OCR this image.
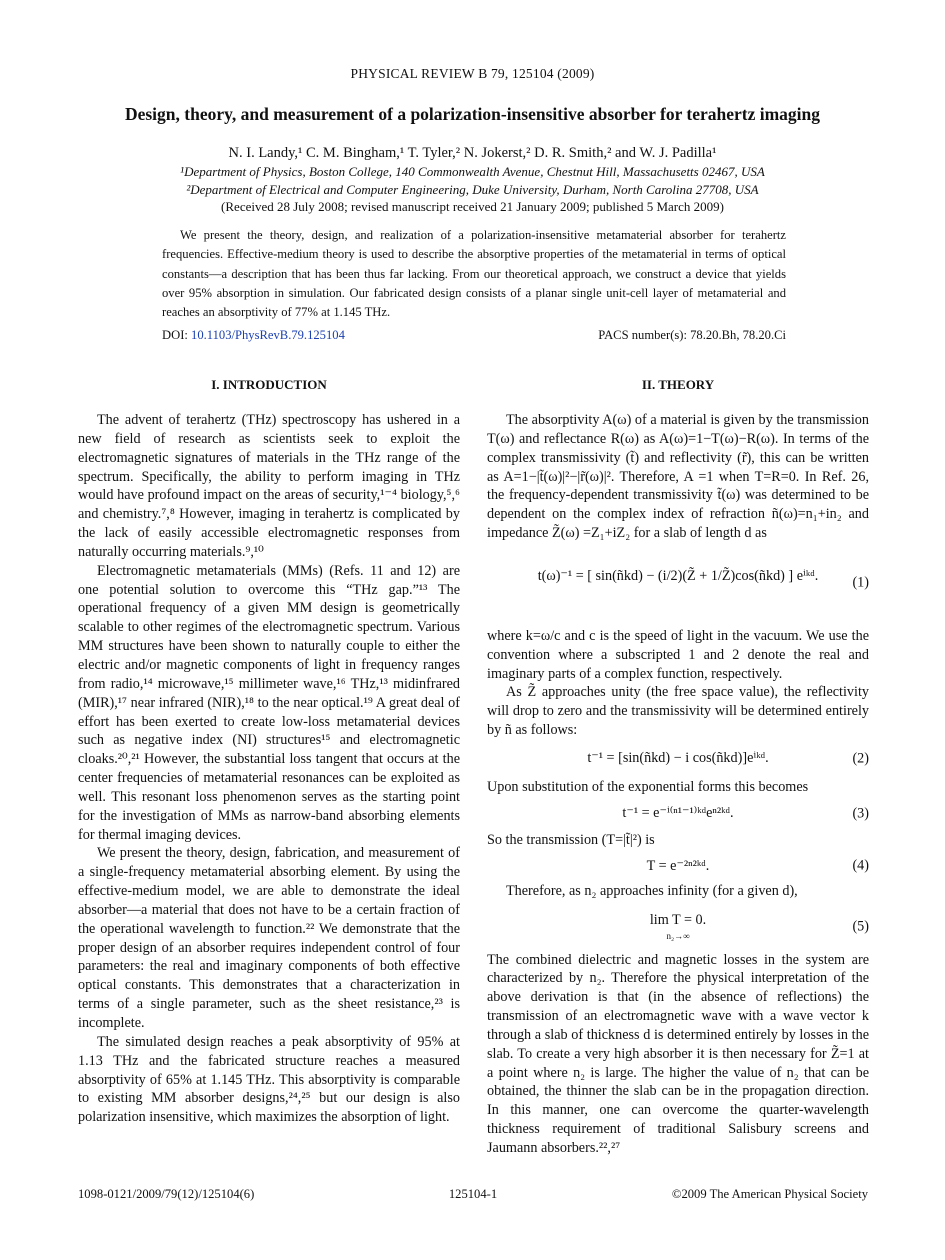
PHYSICAL REVIEW B 79, 125104 (2009)
Design, theory, and measurement of a polarization-insensitive absorber for terahertz imaging
N. I. Landy,¹ C. M. Bingham,¹ T. Tyler,² N. Jokerst,² D. R. Smith,² and W. J. Padilla¹
¹Department of Physics, Boston College, 140 Commonwealth Avenue, Chestnut Hill, Massachusetts 02467, USA
²Department of Electrical and Computer Engineering, Duke University, Durham, North Carolina 27708, USA
(Received 28 July 2008; revised manuscript received 21 January 2009; published 5 March 2009)
We present the theory, design, and realization of a polarization-insensitive metamaterial absorber for terahertz frequencies. Effective-medium theory is used to describe the absorptive properties of the metamaterial in terms of optical constants—a description that has been thus far lacking. From our theoretical approach, we construct a device that yields over 95% absorption in simulation. Our fabricated design consists of a planar single unit-cell layer of metamaterial and reaches an absorptivity of 77% at 1.145 THz.
DOI: 10.1103/PhysRevB.79.125104	PACS number(s): 78.20.Bh, 78.20.Ci
I. INTRODUCTION

The advent of terahertz (THz) spectroscopy has ushered in a new field of research as scientists seek to exploit the electromagnetic signatures of materials in the THz range of the spectrum. Specifically, the ability to perform imaging in THz would have profound impact on the areas of security,¹⁻⁴ biology,⁵,⁶ and chemistry.⁷,⁸ However, imaging in terahertz is complicated by the lack of easily accessible electromagnetic responses from naturally occurring materials.⁹,¹⁰

Electromagnetic metamaterials (MMs) (Refs. 11 and 12) are one potential solution to overcome this “THz gap.”¹³ The operational frequency of a given MM design is geometrically scalable to other regimes of the electromagnetic spectrum. Various MM structures have been shown to naturally couple to either the electric and/or magnetic components of light in frequency ranges from radio,¹⁴ microwave,¹⁵ millimeter wave,¹⁶ THz,¹³ midinfrared (MIR),¹⁷ near infrared (NIR),¹⁸ to the near optical.¹⁹ A great deal of effort has been exerted to create low-loss metamaterial devices such as negative index (NI) structures¹⁵ and electromagnetic cloaks.²⁰,²¹ However, the substantial loss tangent that occurs at the center frequencies of metamaterial resonances can be exploited as well. This resonant loss phenomenon serves as the starting point for the investigation of MMs as narrow-band absorbing elements for thermal imaging devices.

We present the theory, design, fabrication, and measurement of a single-frequency metamaterial absorbing element. By using the effective-medium model, we are able to demonstrate the ideal absorber—a material that does not have to be a certain fraction of the operational wavelength to function.²² We demonstrate that the proper design of an absorber requires independent control of four parameters: the real and imaginary components of both effective optical constants. This demonstrates that a characterization in terms of a single parameter, such as the sheet resistance,²³ is incomplete.

The simulated design reaches a peak absorptivity of 95% at 1.13 THz and the fabricated structure reaches a measured absorptivity of 65% at 1.145 THz. This absorptivity is comparable to existing MM absorber designs,²⁴,²⁵ but our design is also polarization insensitive, which maximizes the absorption of light.

II. THEORY

The absorptivity A(ω) of a material is given by the transmission T(ω) and reflectance R(ω) as A(ω)=1−T(ω)−R(ω). In terms of the complex transmissivity (t̃) and reflectivity (r̃), this can be written as A=1−|t̃(ω)|²−|r̃(ω)|². Therefore, A =1 when T=R=0. In Ref. 26, the frequency-dependent transmissivity t̃(ω) was determined to be dependent on the complex index of refraction ñ(ω)=n₁+in₂ and impedance Z̃(ω) =Z₁+iZ₂ for a slab of length d as

t(ω)⁻¹ = [ sin(ñkd) − (i/2)(Z̃ + 1/Z̃)cos(ñkd) ] eⁱᵏᵈ. (1)

where k=ω/c and c is the speed of light in the vacuum. We use the convention where a subscripted 1 and 2 denote the real and imaginary parts of a complex function, respectively.

As Z̃ approaches unity (the free space value), the reflectivity will drop to zero and the transmissivity will be determined entirely by ñ as follows:

t⁻¹ = [sin(ñkd) − i cos(ñkd)]eⁱᵏᵈ.	(2)

Upon substitution of the exponential forms this becomes

t⁻¹ = e⁻ⁱ⁽ⁿ¹⁻¹⁾ᵏᵈeⁿ²ᵏᵈ.	(3)

So the transmission (T=|t̃|²) is

T = e⁻²ⁿ²ᵏᵈ.	(4)

Therefore, as n₂ approaches infinity (for a given d),

lim T = 0.
n₂→∞
(5)

The combined dielectric and magnetic losses in the system are characterized by n₂. Therefore the physical interpretation of the above derivation is that (in the absence of reflections) the transmission of an electromagnetic wave with a wave vector k through a slab of thickness d is determined entirely by losses in the slab. To create a very high absorber it is then necessary for Z̃=1 at a point where n₂ is large. The higher the value of n₂ that can be obtained, the thinner the slab can be in the propagation direction. In this manner, one can overcome the quarter-wavelength thickness requirement of traditional Salisbury screens and Jaumann absorbers.²²,²⁷

1098-0121/2009/79(12)/125104(6)	125104-1	©2009 The American Physical Society
